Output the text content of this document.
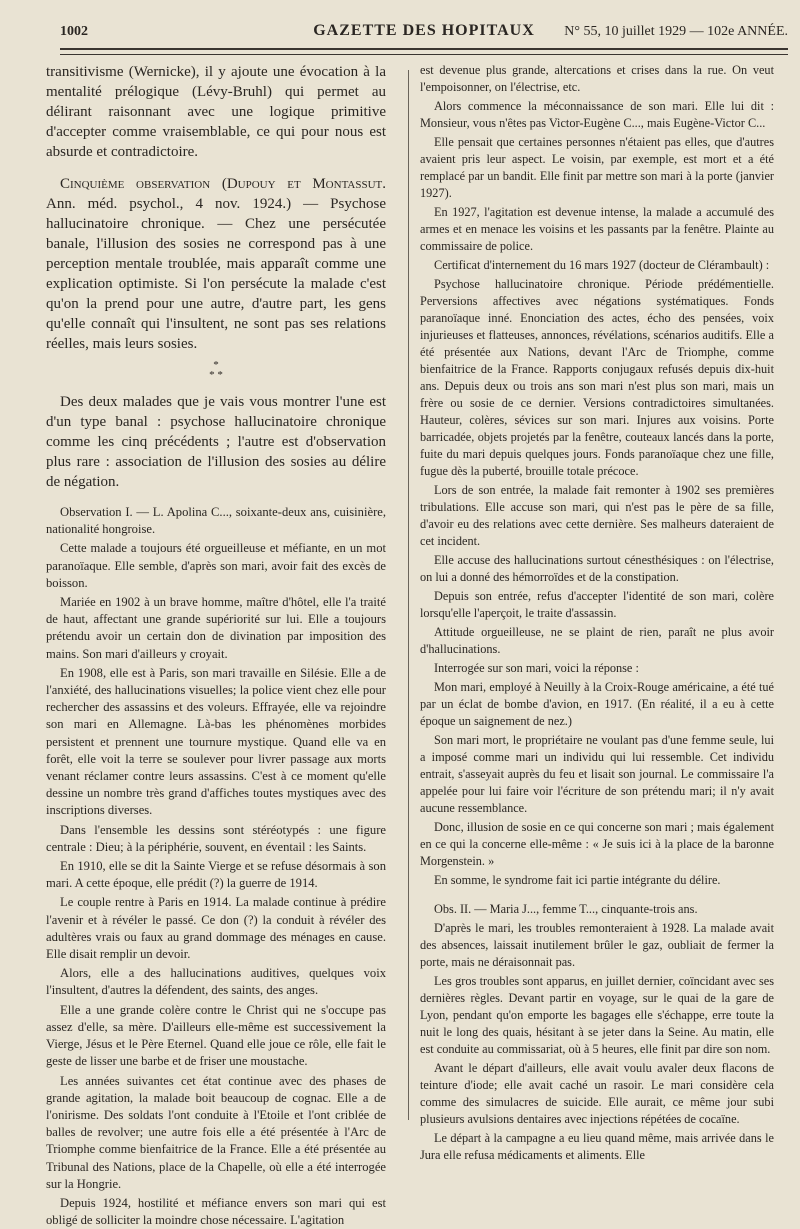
1002	GAZETTE DES HOPITAUX	N° 55, 10 juillet 1929 — 102e ANNÉE.

transitivisme (Wernicke), il y ajoute une évocation à la mentalité prélogique (Lévy-Bruhl) qui permet au délirant raisonnant avec une logique primitive d'accepter comme vraisemblable, ce qui pour nous est absurde et contradictoire.

Cinquième observation (Dupouy et Montassut. Ann. méd. psychol., 4 nov. 1924.) — Psychose hallucinatoire chronique. — Chez une persécutée banale, l'illusion des sosies ne correspond pas à une perception mentale troublée, mais apparaît comme une explication optimiste. Si l'on persécute la malade c'est qu'on la prend pour une autre, d'autre part, les gens qu'elle connaît qui l'insultent, ne sont pas ses relations réelles, mais leurs sosies.

*
* *

Des deux malades que je vais vous montrer l'une est d'un type banal : psychose hallucinatoire chronique comme les cinq précédents ; l'autre est d'observation plus rare : association de l'illusion des sosies au délire de négation.

Observation I. — L. Apolina C..., soixante-deux ans, cuisinière, nationalité hongroise.

Cette malade a toujours été orgueilleuse et méfiante, en un mot paranoïaque. Elle semble, d'après son mari, avoir fait des excès de boisson.

Mariée en 1902 à un brave homme, maître d'hôtel, elle l'a traité de haut, affectant une grande supériorité sur lui. Elle a toujours prétendu avoir un certain don de divination par imposition des mains. Son mari d'ailleurs y croyait.

En 1908, elle est à Paris, son mari travaille en Silésie. Elle a de l'anxiété, des hallucinations visuelles; la police vient chez elle pour rechercher des assassins et des voleurs. Effrayée, elle va rejoindre son mari en Allemagne. Là-bas les phénomènes morbides persistent et prennent une tournure mystique. Quand elle va en forêt, elle voit la terre se soulever pour livrer passage aux morts venant réclamer contre leurs assassins. C'est à ce moment qu'elle dessine un nombre très grand d'affiches toutes mystiques avec des inscriptions diverses.

Dans l'ensemble les dessins sont stéréotypés : une figure centrale : Dieu; à la périphérie, souvent, en éventail : les Saints.

En 1910, elle se dit la Sainte Vierge et se refuse désormais à son mari. A cette époque, elle prédit (?) la guerre de 1914.

Le couple rentre à Paris en 1914. La malade continue à prédire l'avenir et à révéler le passé. Ce don (?) la conduit à révéler des adultères vrais ou faux au grand dommage des ménages en cause. Elle disait remplir un devoir.

Alors, elle a des hallucinations auditives, quelques voix l'insultent, d'autres la défendent, des saints, des anges.

Elle a une grande colère contre le Christ qui ne s'occupe pas assez d'elle, sa mère. D'ailleurs elle-même est successivement la Vierge, Jésus et le Père Eternel. Quand elle joue ce rôle, elle fait le geste de lisser une barbe et de friser une moustache.

Les années suivantes cet état continue avec des phases de grande agitation, la malade boit beaucoup de cognac. Elle a de l'onirisme. Des soldats l'ont conduite à l'Etoile et l'ont criblée de balles de revolver; une autre fois elle a été présentée à l'Arc de Triomphe comme bienfaitrice de la France. Elle a été présentée au Tribunal des Nations, place de la Chapelle, où elle a été interrogée sur la Hongrie.

Depuis 1924, hostilité et méfiance envers son mari qui est obligé de solliciter la moindre chose nécessaire. L'agitation

est devenue plus grande, altercations et crises dans la rue. On veut l'empoisonner, on l'électrise, etc.

Alors commence la méconnaissance de son mari. Elle lui dit : Monsieur, vous n'êtes pas Victor-Eugène C..., mais Eugène-Victor C...

Elle pensait que certaines personnes n'étaient pas elles, que d'autres avaient pris leur aspect. Le voisin, par exemple, est mort et a été remplacé par un bandit. Elle finit par mettre son mari à la porte (janvier 1927).

En 1927, l'agitation est devenue intense, la malade a accumulé des armes et en menace les voisins et les passants par la fenêtre. Plainte au commissaire de police.

Certificat d'internement du 16 mars 1927 (docteur de Clérambault) :

Psychose hallucinatoire chronique. Période prédémentielle. Perversions affectives avec négations systématiques. Fonds paranoïaque inné. Enonciation des actes, écho des pensées, voix injurieuses et flatteuses, annonces, révélations, scénarios auditifs. Elle a été présentée aux Nations, devant l'Arc de Triomphe, comme bienfaitrice de la France. Rapports conjugaux refusés depuis dix-huit ans. Depuis deux ou trois ans son mari n'est plus son mari, mais un frère ou sosie de ce dernier. Versions contradictoires simultanées. Hauteur, colères, sévices sur son mari. Injures aux voisins. Porte barricadée, objets projetés par la fenêtre, couteaux lancés dans la porte, fuite du mari depuis quelques jours. Fonds paranoïaque chez une fille, fugue dès la puberté, brouille totale précoce.

Lors de son entrée, la malade fait remonter à 1902 ses premières tribulations. Elle accuse son mari, qui n'est pas le père de sa fille, d'avoir eu des relations avec cette dernière. Ses malheurs dateraient de cet incident.

Elle accuse des hallucinations surtout cénesthésiques : on l'électrise, on lui a donné des hémorroïdes et de la constipation.

Depuis son entrée, refus d'accepter l'identité de son mari, colère lorsqu'elle l'aperçoit, le traite d'assassin.

Attitude orgueilleuse, ne se plaint de rien, paraît ne plus avoir d'hallucinations.

Interrogée sur son mari, voici la réponse :

Mon mari, employé à Neuilly à la Croix-Rouge américaine, a été tué par un éclat de bombe d'avion, en 1917. (En réalité, il a eu à cette époque un saignement de nez.)

Son mari mort, le propriétaire ne voulant pas d'une femme seule, lui a imposé comme mari un individu qui lui ressemble. Cet individu entrait, s'asseyait auprès du feu et lisait son journal. Le commissaire l'a appelée pour lui faire voir l'écriture de son prétendu mari; il n'y avait aucune ressemblance.

Donc, illusion de sosie en ce qui concerne son mari ; mais également en ce qui la concerne elle-même : « Je suis ici à la place de la baronne Morgenstein. »

En somme, le syndrome fait ici partie intégrante du délire.

Obs. II. — Maria J..., femme T..., cinquante-trois ans.

D'après le mari, les troubles remonteraient à 1928. La malade avait des absences, laissait inutilement brûler le gaz, oubliait de fermer la porte, mais ne déraisonnait pas.

Les gros troubles sont apparus, en juillet dernier, coïncidant avec ses dernières règles. Devant partir en voyage, sur le quai de la gare de Lyon, pendant qu'on emporte les bagages elle s'échappe, erre toute la nuit le long des quais, hésitant à se jeter dans la Seine. Au matin, elle est conduite au commissariat, où à 5 heures, elle finit par dire son nom.

Avant le départ d'ailleurs, elle avait voulu avaler deux flacons de teinture d'iode; elle avait caché un rasoir. Le mari considère cela comme des simulacres de suicide. Elle aurait, ce même jour subi plusieurs avulsions dentaires avec injections répétées de cocaïne.

Le départ à la campagne a eu lieu quand même, mais arrivée dans le Jura elle refusa médicaments et aliments. Elle
